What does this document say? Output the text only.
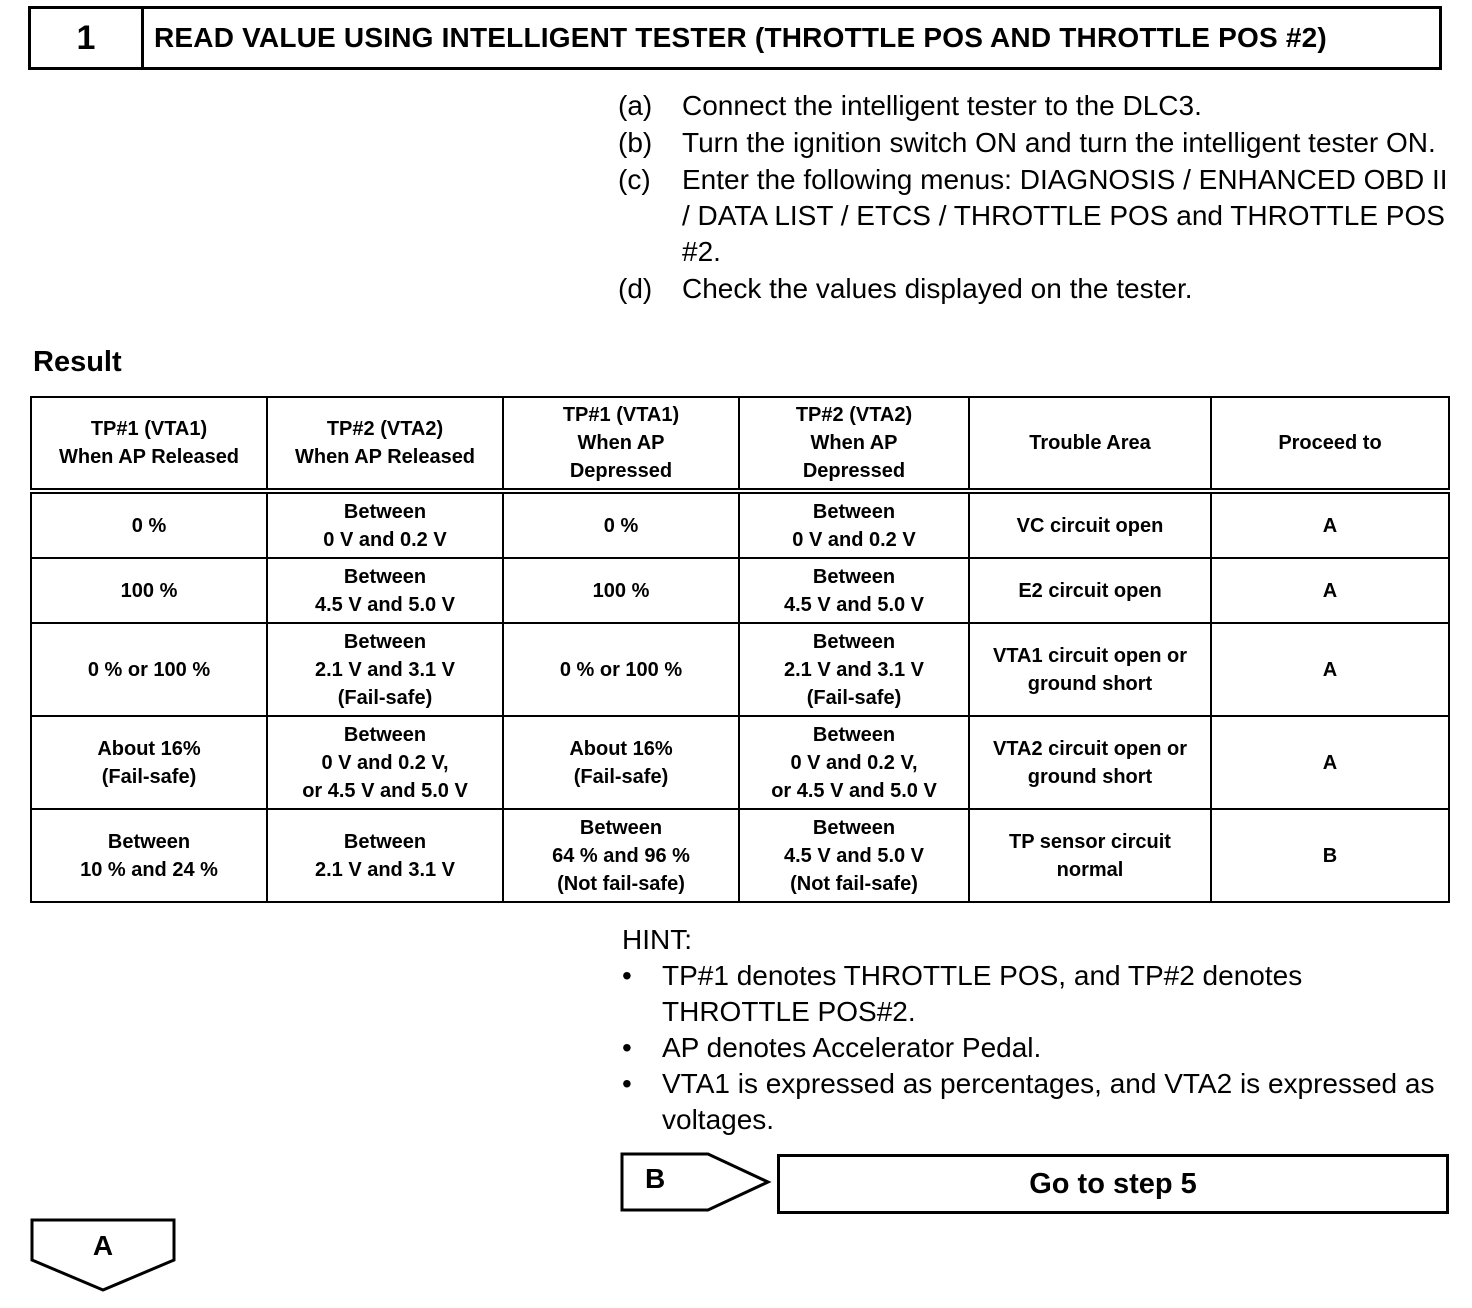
1	READ VALUE USING INTELLIGENT TESTER (THROTTLE POS AND THROTTLE POS #2)
(a)	Connect the intelligent tester to the DLC3.
(b)	Turn the ignition switch ON and turn the intelligent tester ON.
(c)	Enter the following menus: DIAGNOSIS / ENHANCED OBD II / DATA LIST / ETCS / THROTTLE POS and THROTTLE POS #2.
(d)	Check the values displayed on the tester.
Result
TP#1 (VTA1)
When AP Released	TP#2 (VTA2)
When AP Released	TP#1 (VTA1)
When AP
Depressed	TP#2 (VTA2)
When AP
Depressed	Trouble Area	Proceed to

0 %	Between
0 V and 0.2 V	0 %	Between
0 V and 0.2 V	VC circuit open	A

100 %	Between
4.5 V and 5.0 V	100 %	Between
4.5 V and 5.0 V	E2 circuit open	A

0 % or 100 %	Between
2.1 V and 3.1 V
(Fail-safe)	0 % or 100 %	Between
2.1 V and 3.1 V
(Fail-safe)	VTA1 circuit open or
ground short	A

About 16%
(Fail-safe)	Between
0 V and 0.2 V,
or 4.5 V and 5.0 V	About 16%
(Fail-safe)	Between
0 V and 0.2 V,
or 4.5 V and 5.0 V	VTA2 circuit open or
ground short	A

Between
10 % and 24 %	Between
2.1 V and 3.1 V	Between
64 % and 96 %
(Not fail-safe)	Between
4.5 V and 5.0 V
(Not fail-safe)	TP sensor circuit
normal	B
HINT:
•	TP#1 denotes THROTTLE POS, and TP#2 denotes THROTTLE POS#2.
•	AP denotes Accelerator Pedal.
•	VTA1 is expressed as percentages, and VTA2 is expressed as voltages.
B	Go to step 5
A
